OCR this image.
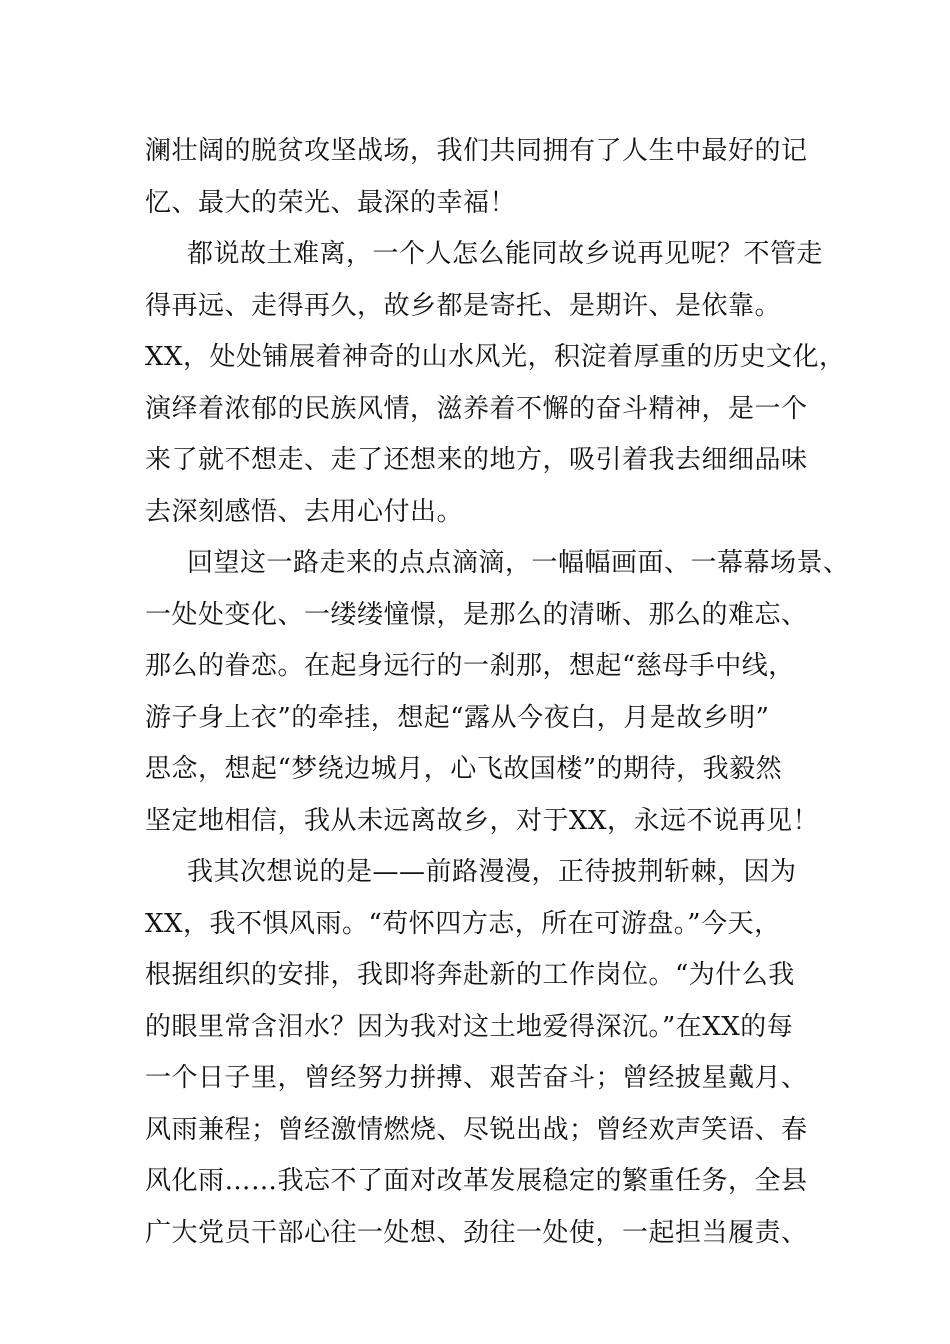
澜壮阔的脱贫攻坚战场，我们共同拥有了人生中最好的记
忆、最大的荣光、最深的幸福！
都说故土难离，一个人怎么能同故乡说再见呢？不管走
得再远、走得再久，故乡都是寄托、是期许、是依靠。
XX，处处铺展着神奇的山水风光，积淀着厚重的历史文化，
演绎着浓郁的民族风情，滋养着不懈的奋斗精神，是一个
来了就不想走、走了还想来的地方，吸引着我去细细品味
去深刻感悟、去用心付出。
回望这一路走来的点点滴滴，一幅幅画面、一幕幕场景、
一处处变化、一缕缕憧憬，是那么的清晰、那么的难忘、
那么的眷恋。在起身远行的一刹那，想起“慈母手中线，
游子身上衣”的牵挂，想起“露从今夜白，月是故乡明”
思念，想起“梦绕边城月，心飞故国楼”的期待，我毅然
坚定地相信，我从未远离故乡，对于XX，永远不说再见！
我其次想说的是——前路漫漫，正待披荆斩棘，因为
XX，我不惧风雨。“苟怀四方志，所在可游盘。”今天，
根据组织的安排，我即将奔赴新的工作岗位。“为什么我
的眼里常含泪水？因为我对这土地爱得深沉。”在XX的每
一个日子里，曾经努力拼搏、艰苦奋斗；曾经披星戴月、
风雨兼程；曾经激情燃烧、尽锐出战；曾经欢声笑语、春
风化雨……我忘不了面对改革发展稳定的繁重任务，全县
广大党员干部心往一处想、劲往一处使，一起担当履责、
